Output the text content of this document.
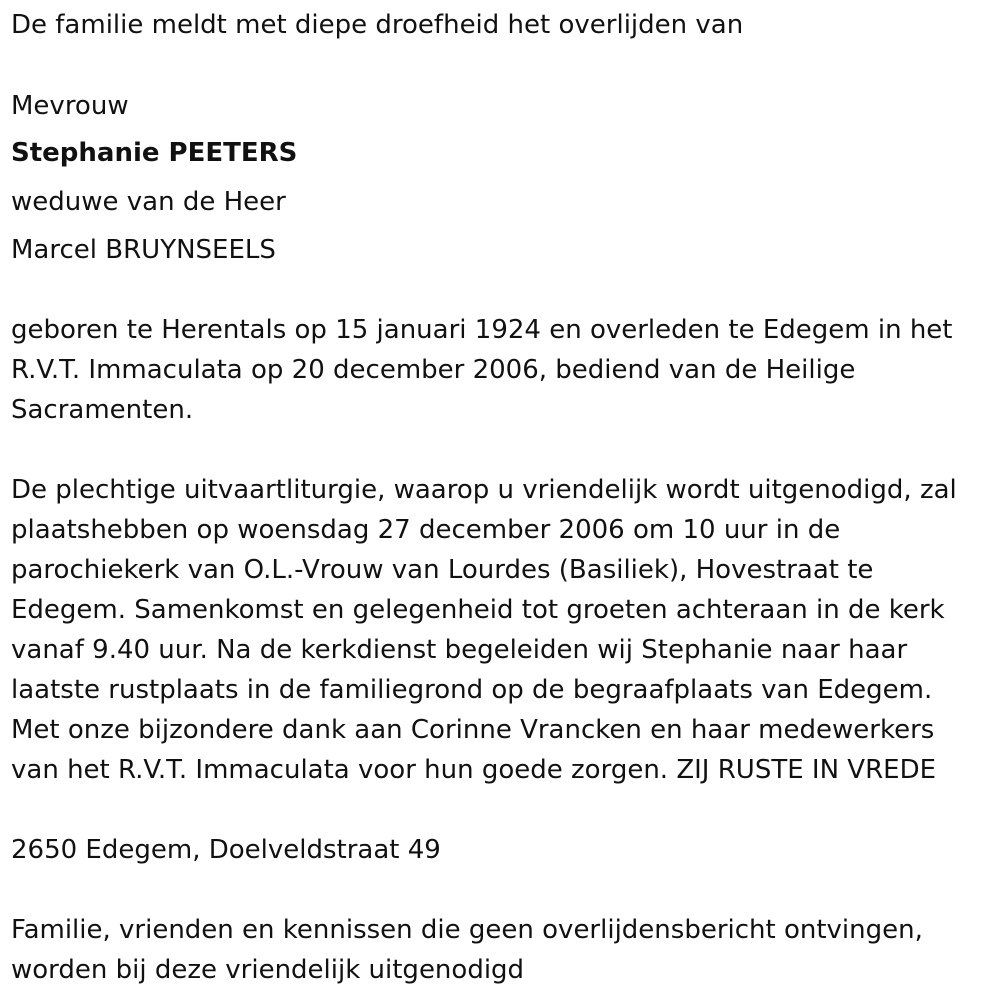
De familie meldt met diepe droefheid het overlijden van
Mevrouw
Stephanie PEETERS
weduwe van de Heer
Marcel BRUYNSEELS
geboren te Herentals op 15 januari 1924 en overleden te Edegem in het
R.V.T. Immaculata op 20 december 2006, bediend van de Heilige
Sacramenten.
De plechtige uitvaartliturgie, waarop u vriendelijk wordt uitgenodigd, zal
plaatshebben op woensdag 27 december 2006 om 10 uur in de
parochiekerk van O.L.-Vrouw van Lourdes (Basiliek), Hovestraat te
Edegem. Samenkomst en gelegenheid tot groeten achteraan in de kerk
vanaf 9.40 uur. Na de kerkdienst begeleiden wij Stephanie naar haar
laatste rustplaats in de familiegrond op de begraafplaats van Edegem.
Met onze bijzondere dank aan Corinne Vrancken en haar medewerkers
van het R.V.T. Immaculata voor hun goede zorgen. ZIJ RUSTE IN VREDE
2650 Edegem, Doelveldstraat 49
Familie, vrienden en kennissen die geen overlijdensbericht ontvingen,
worden bij deze vriendelijk uitgenodigd
